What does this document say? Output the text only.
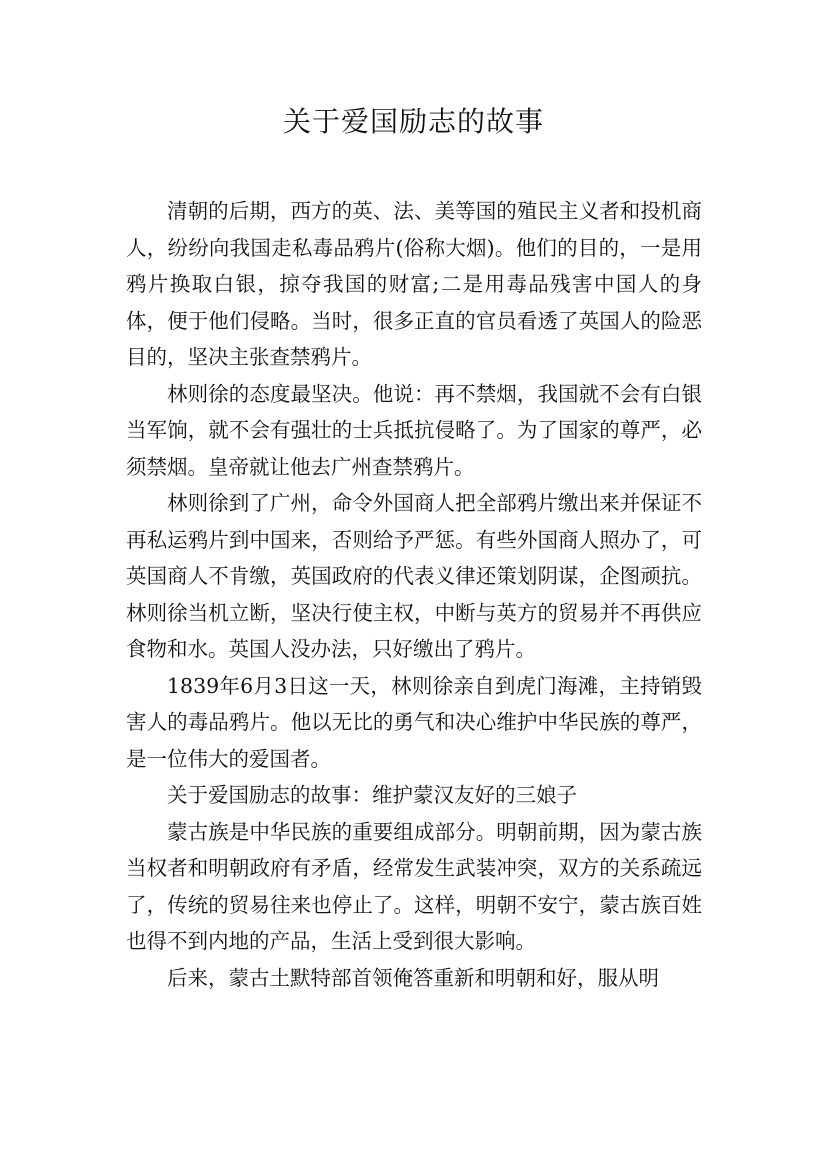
关于爱国励志的故事

清朝的后期，西方的英、法、美等国的殖民主义者和投机商人，纷纷向我国走私毒品鸦片(俗称大烟)。他们的目的，一是用鸦片换取白银，掠夺我国的财富;二是用毒品残害中国人的身体，便于他们侵略。当时，很多正直的官员看透了英国人的险恶目的，坚决主张查禁鸦片。

林则徐的态度最坚决。他说：再不禁烟，我国就不会有白银当军饷，就不会有强壮的士兵抵抗侵略了。为了国家的尊严，必须禁烟。皇帝就让他去广州查禁鸦片。

林则徐到了广州，命令外国商人把全部鸦片缴出来并保证不再私运鸦片到中国来，否则给予严惩。有些外国商人照办了，可英国商人不肯缴，英国政府的代表义律还策划阴谋，企图顽抗。林则徐当机立断，坚决行使主权，中断与英方的贸易并不再供应食物和水。英国人没办法，只好缴出了鸦片。

1839年6月3日这一天，林则徐亲自到虎门海滩，主持销毁害人的毒品鸦片。他以无比的勇气和决心维护中华民族的尊严，是一位伟大的爱国者。

关于爱国励志的故事：维护蒙汉友好的三娘子

蒙古族是中华民族的重要组成部分。明朝前期，因为蒙古族当权者和明朝政府有矛盾，经常发生武装冲突，双方的关系疏远了，传统的贸易往来也停止了。这样，明朝不安宁，蒙古族百姓也得不到内地的产品，生活上受到很大影响。

后来，蒙古土默特部首领俺答重新和明朝和好，服从明
